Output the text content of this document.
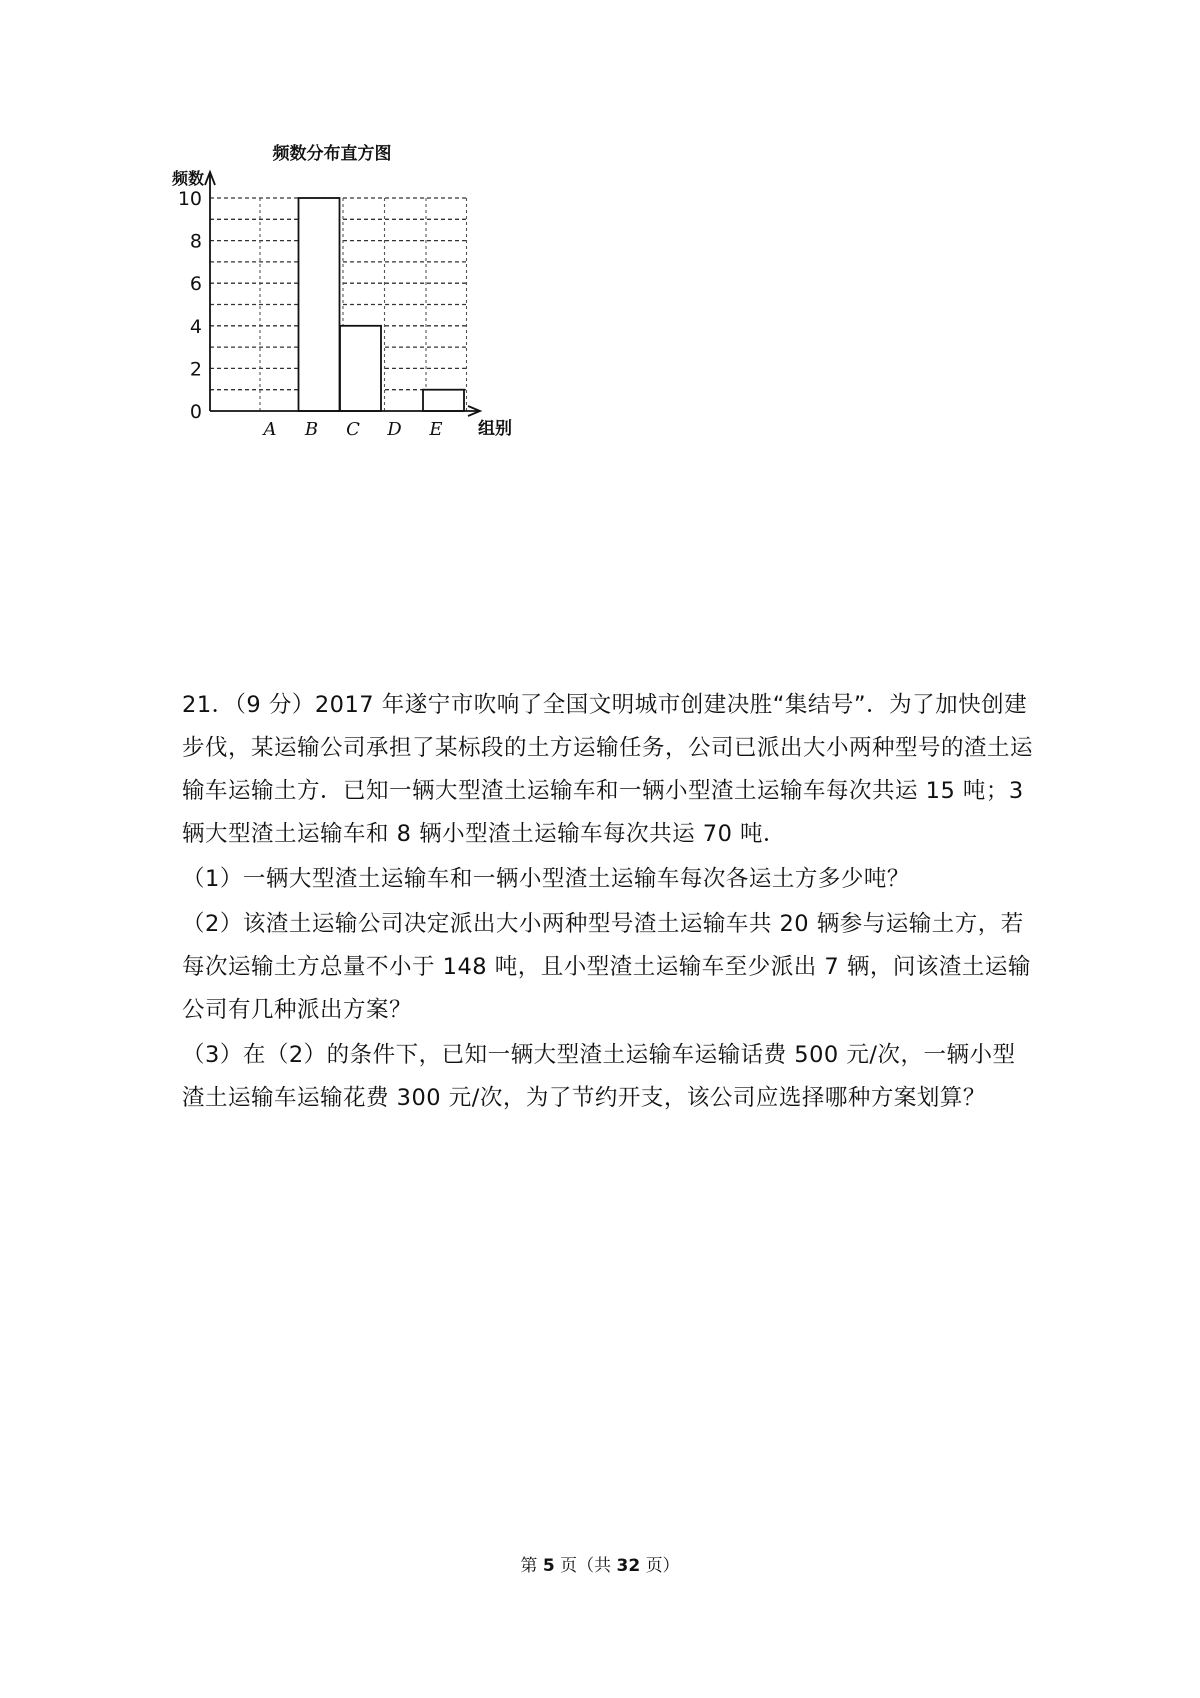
频数分布直方图
频数
组别
0
2
4
6
8
10
A B C D E

21．（9 分）2017 年遂宁市吹响了全国文明城市创建决胜“集结号”．为了加快创建步伐，某运输公司承担了某标段的土方运输任务，公司已派出大小两种型号的渣土运输车运输土方．已知一辆大型渣土运输车和一辆小型渣土运输车每次共运 15 吨；3 辆大型渣土运输车和 8 辆小型渣土运输车每次共运 70 吨．

（1）一辆大型渣土运输车和一辆小型渣土运输车每次各运土方多少吨？

（2）该渣土运输公司决定派出大小两种型号渣土运输车共 20 辆参与运输土方，若每次运输土方总量不小于 148 吨，且小型渣土运输车至少派出 7 辆，问该渣土运输公司有几种派出方案？

（3）在（2）的条件下，已知一辆大型渣土运输车运输话费 500 元/次，一辆小型渣土运输车运输花费 300 元/次，为了节约开支，该公司应选择哪种方案划算？

第 5 页（共 32 页）
